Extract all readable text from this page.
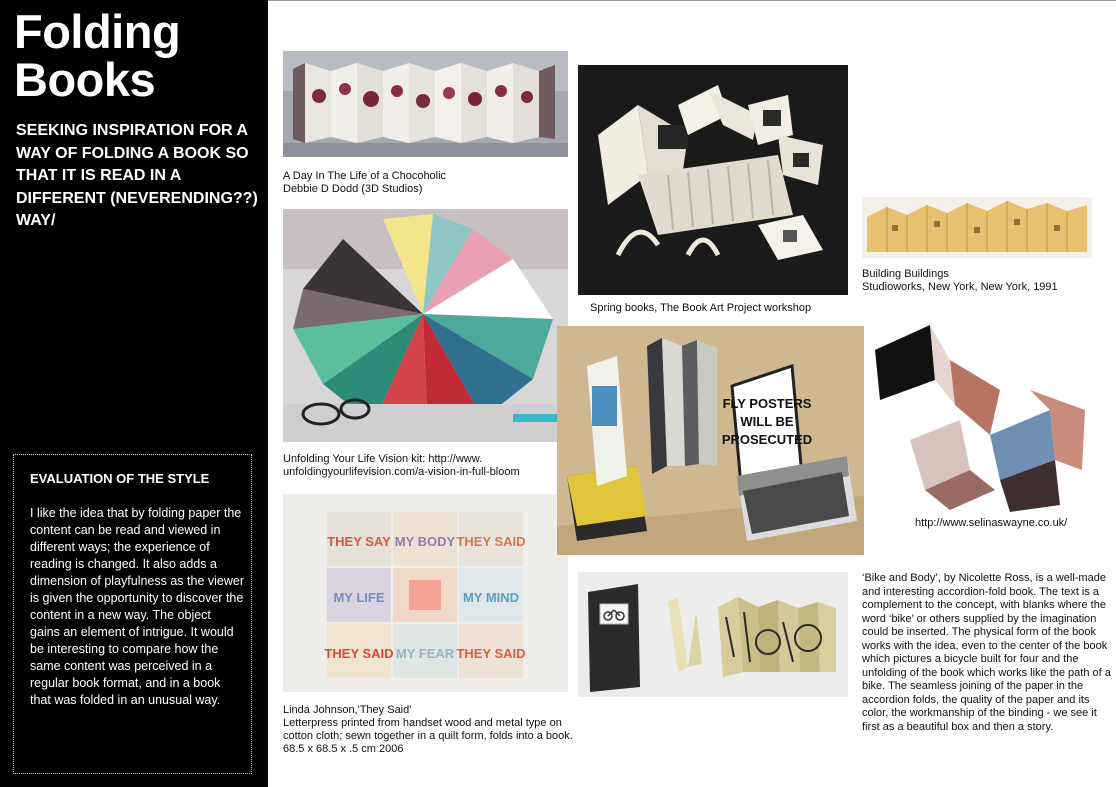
Folding
Books

SEEKING INSPIRATION FOR A WAY OF FOLDING A BOOK SO THAT IT IS READ IN A DIFFERENT (NEVERENDING??) WAY/

EVALUATION OF THE STYLE

I like the idea that by folding paper the content can be read and viewed in different ways; the experience of reading is changed. It also adds a dimension of playfulness as the viewer is given the opportunity to discover the content in a new way. The object gains an element of intrigue. It would be interesting to compare how the same content was perceived in a regular book format, and in a book that was folded in an unusual way.

A Day In The Life of a Chocoholic
Debbie D Dodd (3D Studios)
Unfolding Your Life Vision kit: http://www.
unfoldingyourlifevision.com/a-vision-in-full-bloom
THEY SAY MY BODY THEY SAID
MY LIFE	MY MIND
THEY SAID MY FEAR THEY SAID
Linda Johnson,'They Said'
Letterpress printed from handset wood and metal type on cotton cloth; sewn together in a quilt form, folds into a book. 68.5 x 68.5 x .5 cm 2006
Spring books, The Book Art Project workshop
Building Buildings
Studioworks, New York, New York, 1991
FLY POSTERS
WILL BE
PROSECUTED
http://www.selinaswayne.co.uk/

‘Bike and Body’, by Nicolette Ross, is a well-made and interesting accordion-fold book. The text is a complement to the concept, with blanks where the word ‘bike’ or others supplied by the imagination could be inserted. The physical form of the book works with the idea, even to the center of the book which pictures a bicycle built for four and the unfolding of the book which works like the path of a bike. The seamless joining of the paper in the accordion folds, the quality of the paper and its color, the workmanship of the binding - we see it first as a beautiful box and then a story.
